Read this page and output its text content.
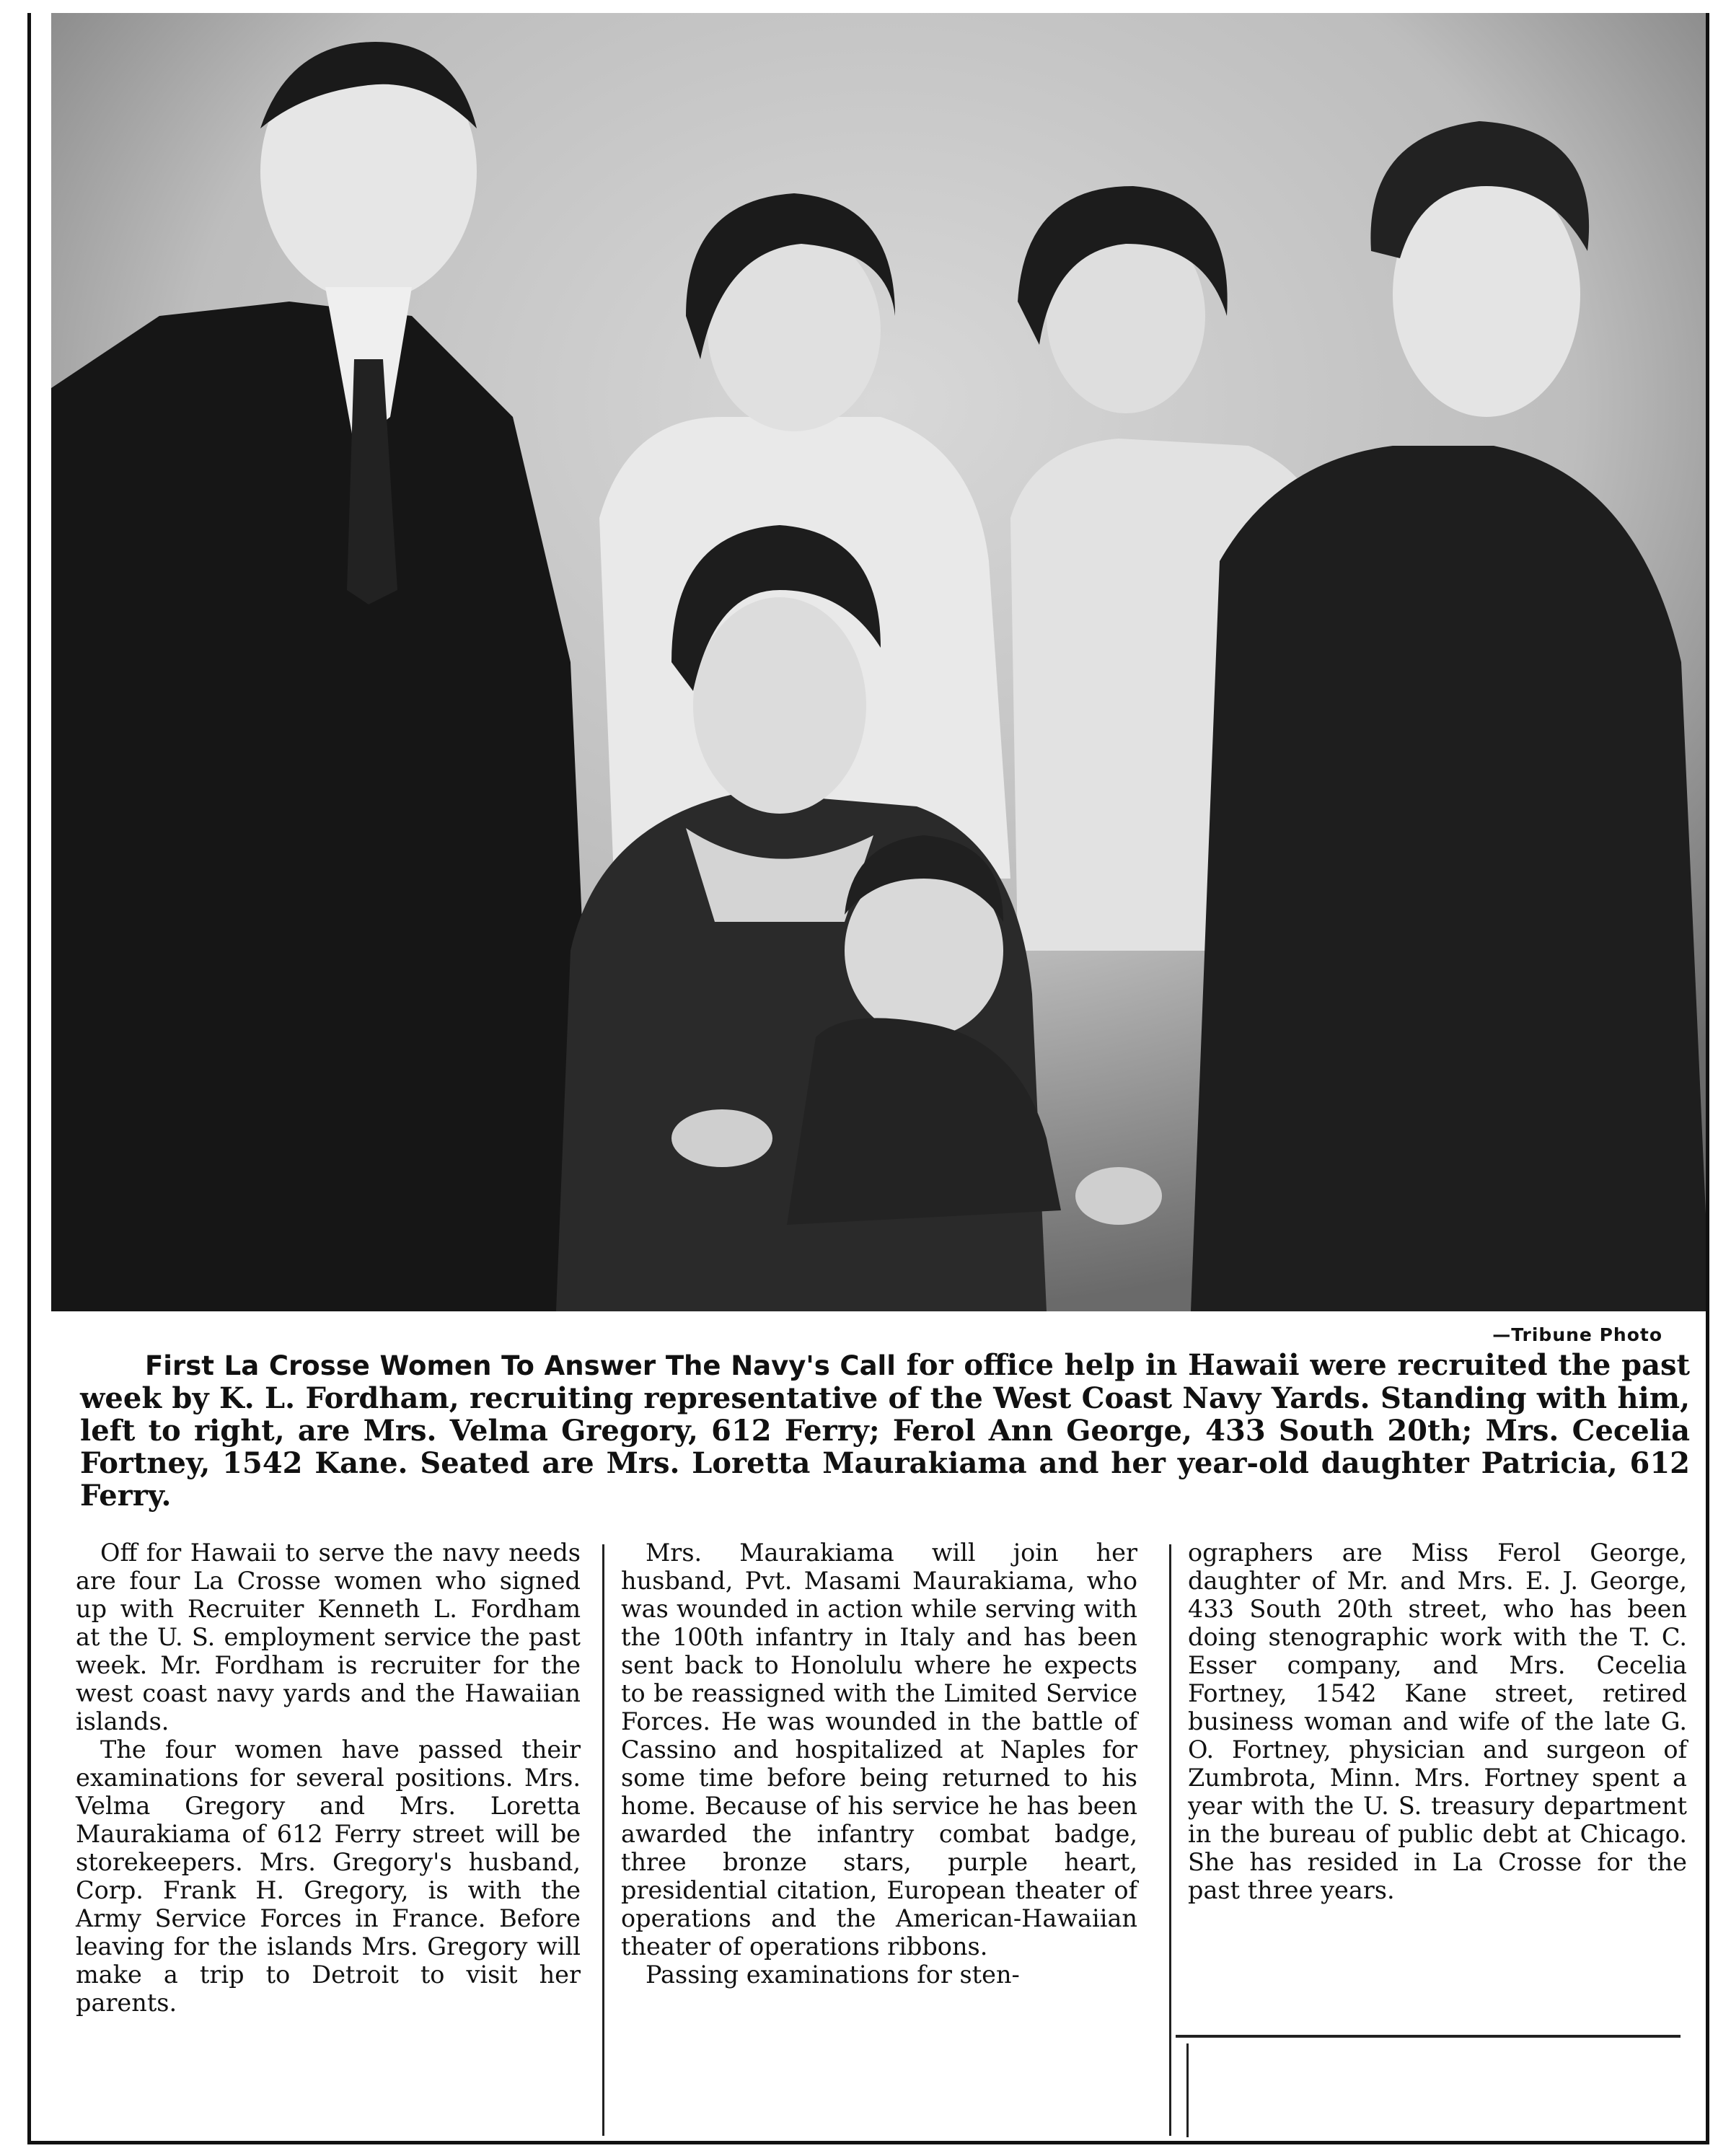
—Tribune Photo
First La Crosse Women To Answer The Navy's Call for office help in Hawaii were recruited the past week by K. L. Fordham, recruiting representative of the West Coast Navy Yards. Standing with him, left to right, are Mrs. Velma Gregory, 612 Ferry; Ferol Ann George, 433 South 20th; Mrs. Cecelia Fortney, 1542 Kane. Seated are Mrs. Loretta Maurakiama and her year-old daughter Patricia, 612 Ferry.

Off for Hawaii to serve the navy needs are four La Crosse women who signed up with Recruiter Kenneth L. Fordham at the U. S. employment service the past week. Mr. Fordham is recruiter for the west coast navy yards and the Hawaiian islands.

The four women have passed their examinations for several positions. Mrs. Velma Gregory and Mrs. Loretta Maurakiama of 612 Ferry street will be storekeepers. Mrs. Gregory's husband, Corp. Frank H. Gregory, is with the Army Service Forces in France. Before leaving for the islands Mrs. Gregory will make a trip to Detroit to visit her parents.

Mrs. Maurakiama will join her husband, Pvt. Masami Maurakiama, who was wounded in action while serving with the 100th infantry in Italy and has been sent back to Honolulu where he expects to be reassigned with the Limited Service Forces. He was wounded in the battle of Cassino and hospitalized at Naples for some time before being returned to his home. Because of his service he has been awarded the infantry combat badge, three bronze stars, purple heart, presidential citation, European theater of operations and the American-Hawaiian theater of operations ribbons.

Passing examinations for sten-

ographers are Miss Ferol George, daughter of Mr. and Mrs. E. J. George, 433 South 20th street, who has been doing stenographic work with the T. C. Esser company, and Mrs. Cecelia Fortney, 1542 Kane street, retired business woman and wife of the late G. O. Fortney, physician and surgeon of Zumbrota, Minn. Mrs. Fortney spent a year with the U. S. treasury department in the bureau of public debt at Chicago. She has resided in La Crosse for the past three years.
